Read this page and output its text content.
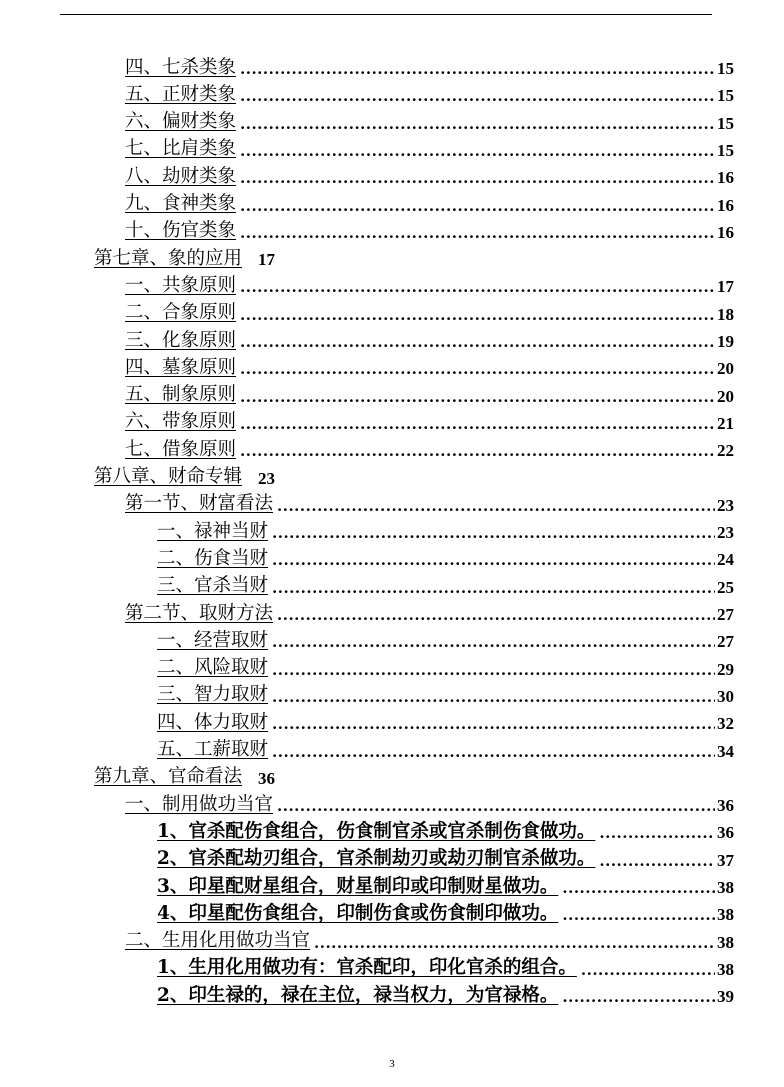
四、七杀类象 .....	15
五、正财类象 .....	15
六、偏财类象 .....	15
七、比肩类象 .....	15
八、劫财类象 .....	16
九、食神类象 .....	16
十、伤官类象 .....	16
第七章、象的应用 17
一、共象原则 .....	17
二、合象原则 .....	18
三、化象原则 .....	19
四、墓象原则 .....	20
五、制象原则 .....	20
六、带象原则 .....	21
七、借象原则 .....	22
第八章、财命专辑 23
第一节、财富看法 .....	23
一、禄神当财 .....	23
二、伤食当财 .....	24
三、官杀当财 .....	25
第二节、取财方法 .....	27
一、经营取财 .....	27
二、风险取财 .....	29
三、智力取财 .....	30
四、体力取财 .....	32
五、工薪取财 .....	34
第九章、官命看法 36
一、制用做功当官 .....	36
1、官杀配伤食组合，伤食制官杀或官杀制伤食做功。 .....	36
2、官杀配劫刃组合，官杀制劫刃或劫刃制官杀做功。 .....	37
3、印星配财星组合，财星制印或印制财星做功。 .....	38
4、印星配伤食组合，印制伤食或伤食制印做功。 .....	38
二、生用化用做功当官 .....	38
1、生用化用做功有：官杀配印，印化官杀的组合。 .....	38
2、印生禄的，禄在主位，禄当权力，为官禄格。 .....	39
3
